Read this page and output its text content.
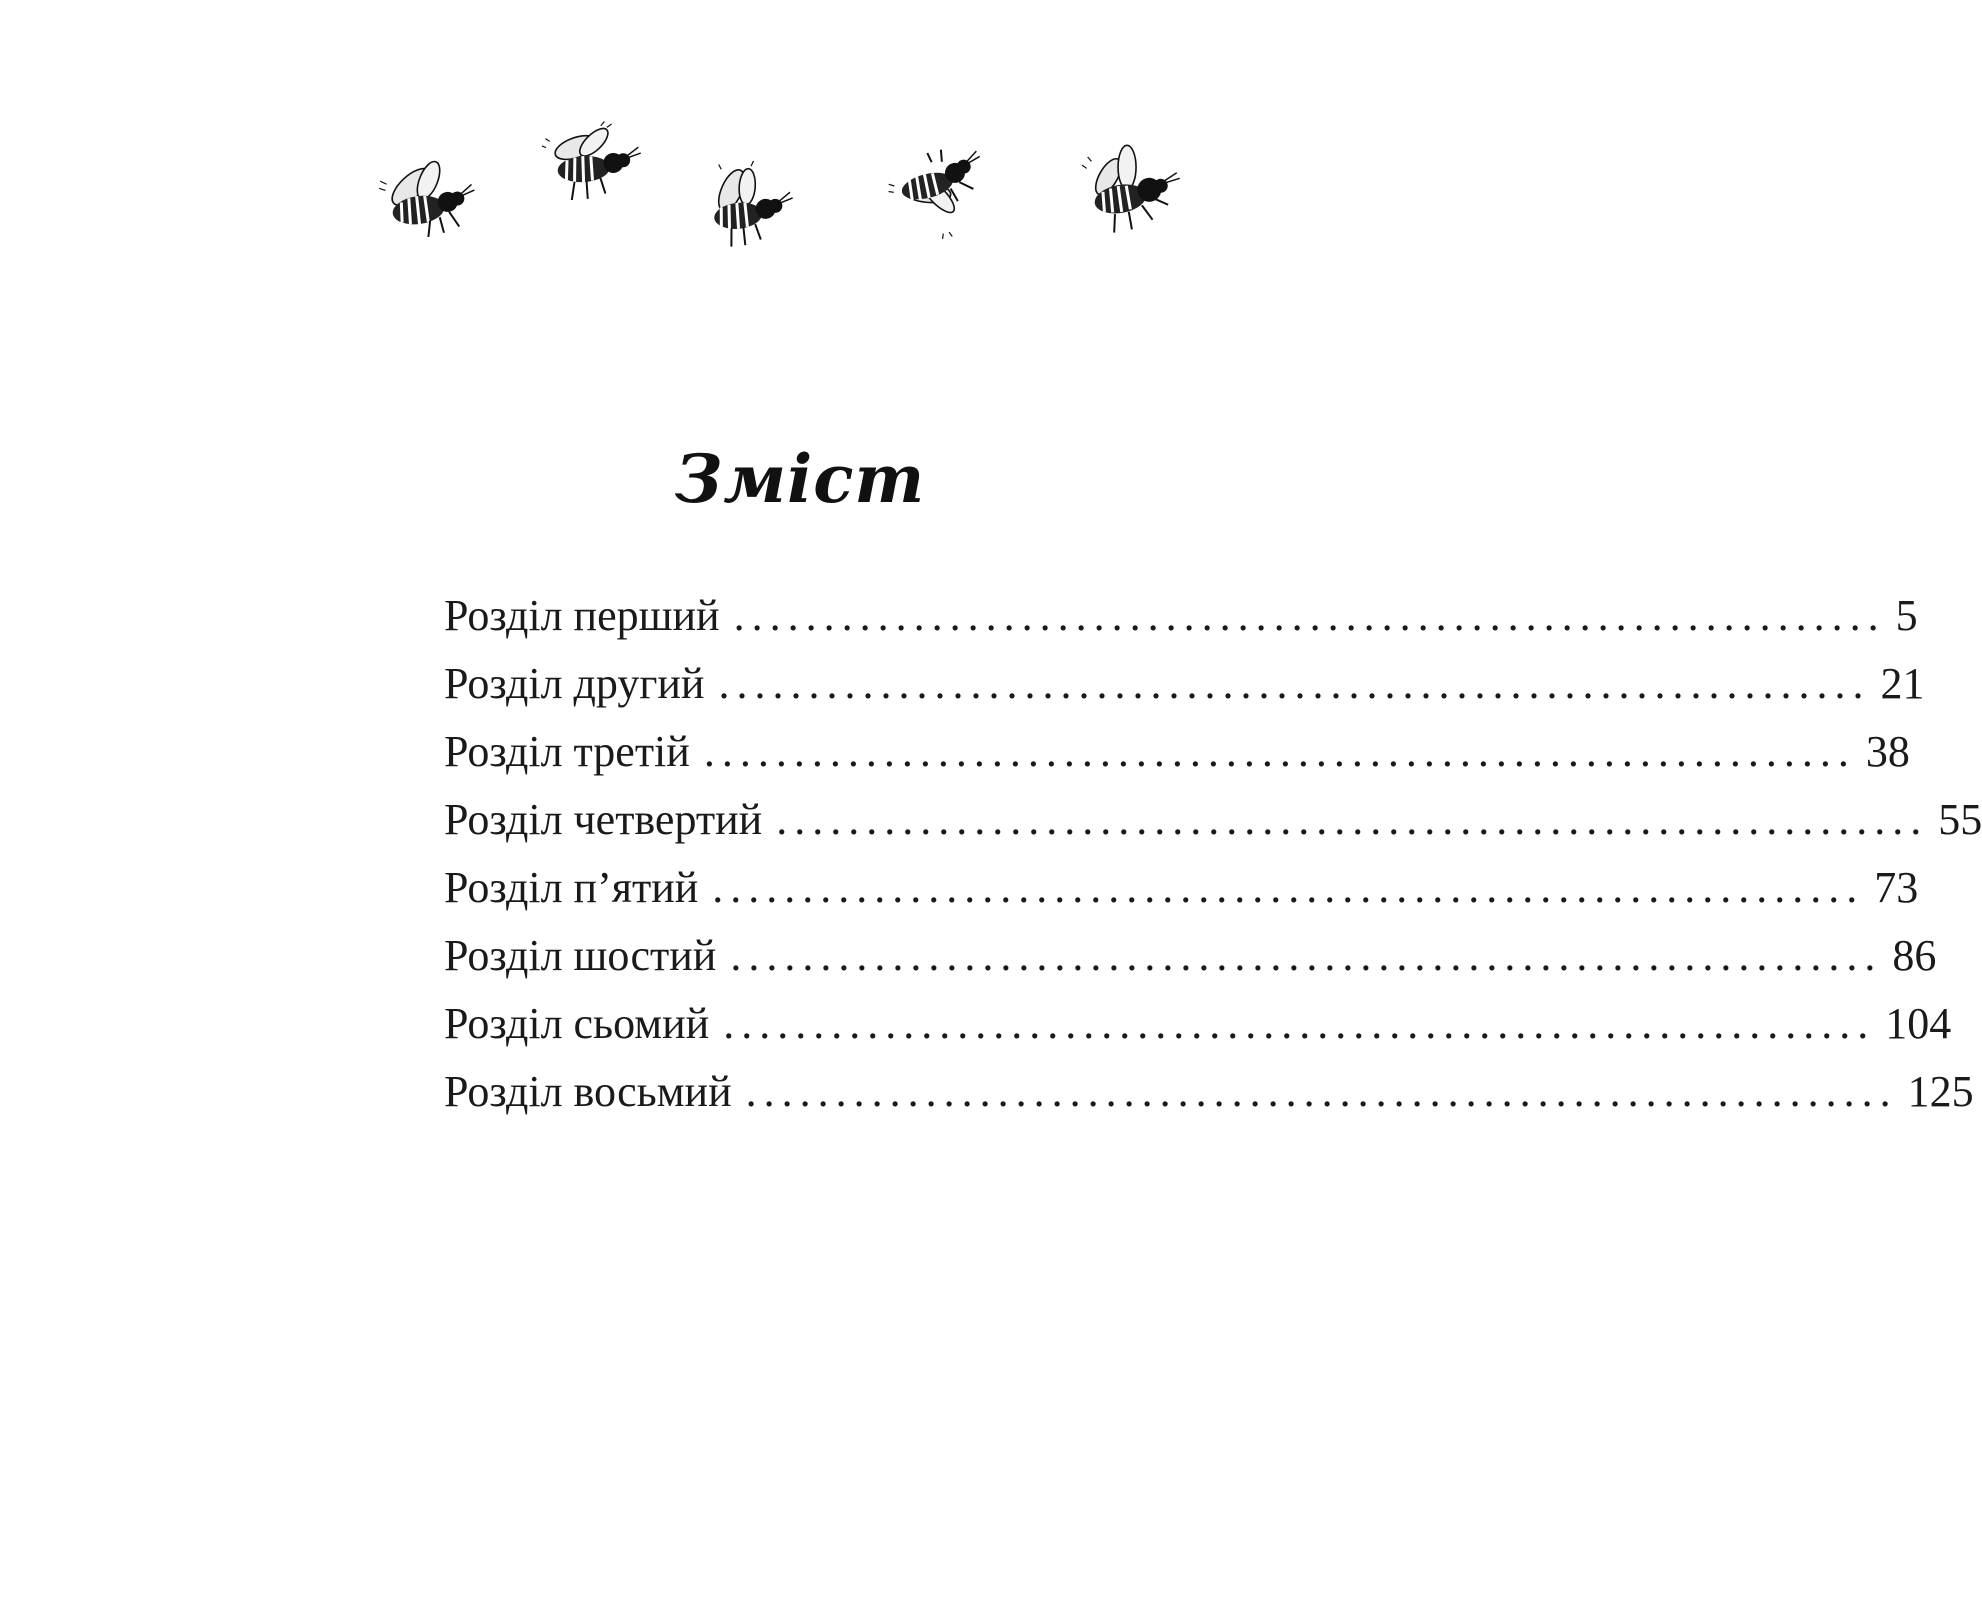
Зміст
Розділ перший ................................................................ 5
Розділ другий ................................................................ 21
Розділ третій ................................................................ 38
Розділ четвертий ................................................................ 55
Розділ п’ятий ................................................................ 73
Розділ шостий ................................................................ 86
Розділ сьомий ................................................................ 104
Розділ восьмий ................................................................ 125
